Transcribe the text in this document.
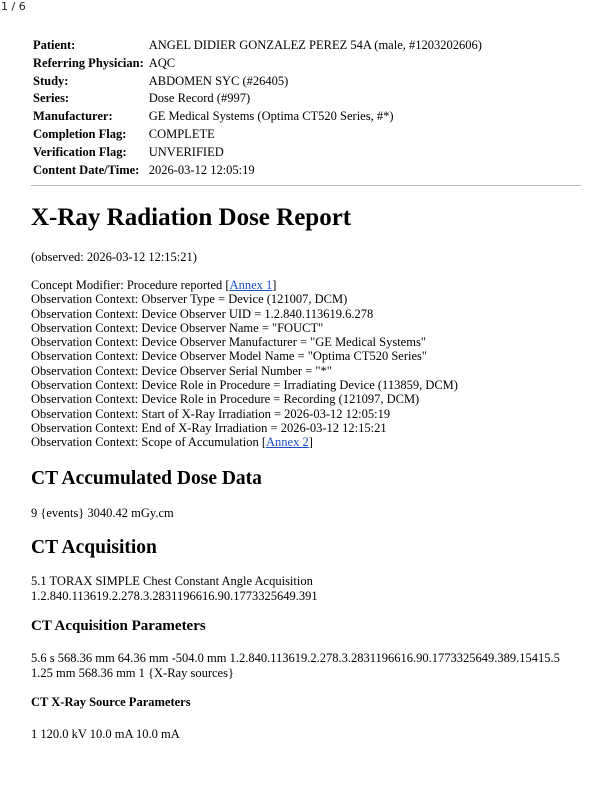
1 / 6
Patient:	ANGEL DIDIER GONZALEZ PEREZ 54A (male, #1203202606)
Referring Physician:	AQC
Study:	ABDOMEN SYC (#26405)
Series:	Dose Record (#997)
Manufacturer:	GE Medical Systems (Optima CT520 Series, #*)
Completion Flag:	COMPLETE
Verification Flag:	UNVERIFIED
Content Date/Time:	2026-03-12 12:05:19
X-Ray Radiation Dose Report

(observed: 2026-03-12 12:15:21)

Concept Modifier: Procedure reported [Annex 1]
Observation Context: Observer Type = Device (121007, DCM)
Observation Context: Device Observer UID = 1.2.840.113619.6.278
Observation Context: Device Observer Name = "FOUCT"
Observation Context: Device Observer Manufacturer = "GE Medical Systems"
Observation Context: Device Observer Model Name = "Optima CT520 Series"
Observation Context: Device Observer Serial Number = "*"
Observation Context: Device Role in Procedure = Irradiating Device (113859, DCM)
Observation Context: Device Role in Procedure = Recording (121097, DCM)
Observation Context: Start of X-Ray Irradiation = 2026-03-12 12:05:19
Observation Context: End of X-Ray Irradiation = 2026-03-12 12:15:21
Observation Context: Scope of Accumulation [Annex 2]
CT Accumulated Dose Data

9 {events} 3040.42 mGy.cm

CT Acquisition

5.1 TORAX SIMPLE Chest Constant Angle Acquisition

1.2.840.113619.2.278.3.2831196616.90.1773325649.391

CT Acquisition Parameters

5.6 s 568.36 mm 64.36 mm -504.0 mm 1.2.840.113619.2.278.3.2831196616.90.1773325649.389.15415.5

1.25 mm 568.36 mm 1 {X-Ray sources}

CT X-Ray Source Parameters

1 120.0 kV 10.0 mA 10.0 mA
